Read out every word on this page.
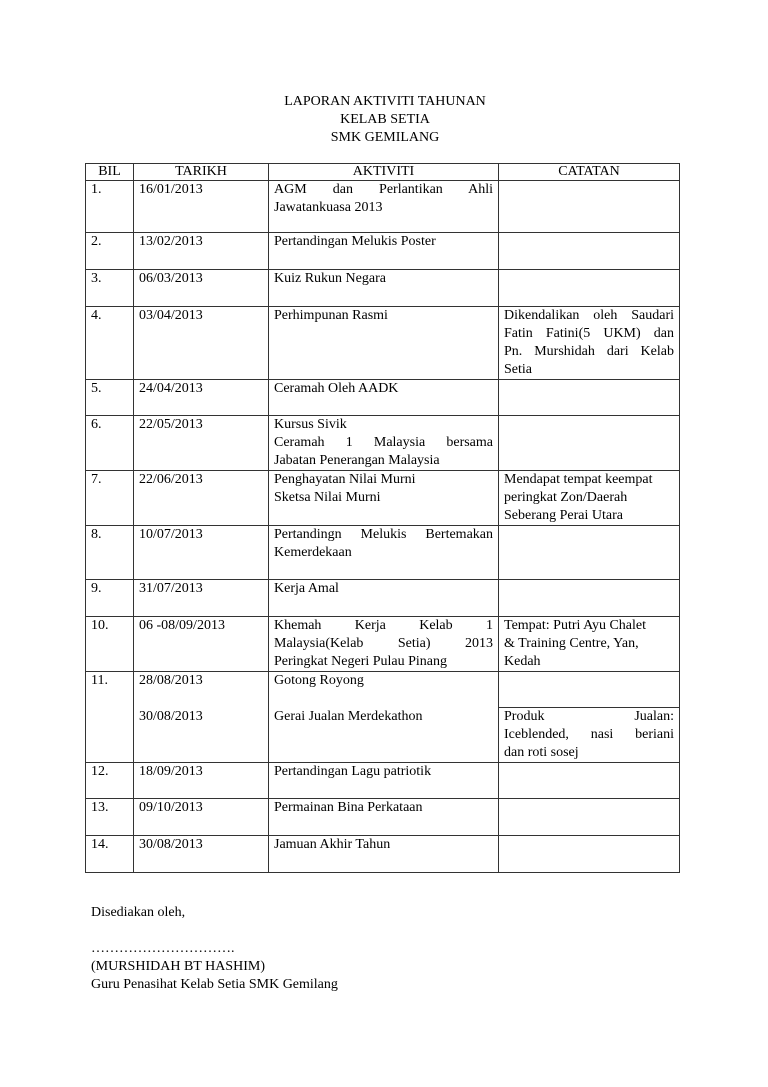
LAPORAN AKTIVITI TAHUNAN
KELAB SETIA
SMK GEMILANG
BIL	TARIKH	AKTIVITI	CATATAN
1.	16/01/2013	AGM dan Perlantikan Ahli
Jawatankuasa 2013	

2.	13/02/2013	Pertandingan Melukis Poster	

3.	06/03/2013	Kuiz Rukun Negara	

4.	03/04/2013	Perhimpunan Rasmi	Dikendalikan oleh Saudari
Fatin Fatini(5 UKM) dan
Pn. Murshidah dari Kelab
Setia

5.	24/04/2013	Ceramah Oleh AADK	

6.	22/05/2013	Kursus Sivik
Ceramah 1 Malaysia bersama
Jabatan Penerangan Malaysia	

7.	22/06/2013	Penghayatan Nilai Murni
Sketsa Nilai Murni	Mendapat tempat keempat
peringkat Zon/Daerah
Seberang Perai Utara

8.	10/07/2013	Pertandingn Melukis Bertemakan
Kemerdekaan	

9.	31/07/2013	Kerja Amal	

10.	06 -08/09/2013	Khemah Kerja Kelab 1
Malaysia(Kelab Setia) 2013
Peringkat Negeri Pulau Pinang	Tempat: Putri Ayu Chalet
& Training Centre, Yan,
Kedah

11.	28/08/2013	Gotong Royong	

	30/08/2013	Gerai Jualan Merdekathon	Produk Jualan:
Iceblended, nasi beriani
dan roti sosej

12.	18/09/2013	Pertandingan Lagu patriotik	

13.	09/10/2013	Permainan Bina Perkataan	

14.	30/08/2013	Jamuan Akhir Tahun	

Disediakan oleh,
………………………….
(MURSHIDAH BT HASHIM)
Guru Penasihat Kelab Setia SMK Gemilang
